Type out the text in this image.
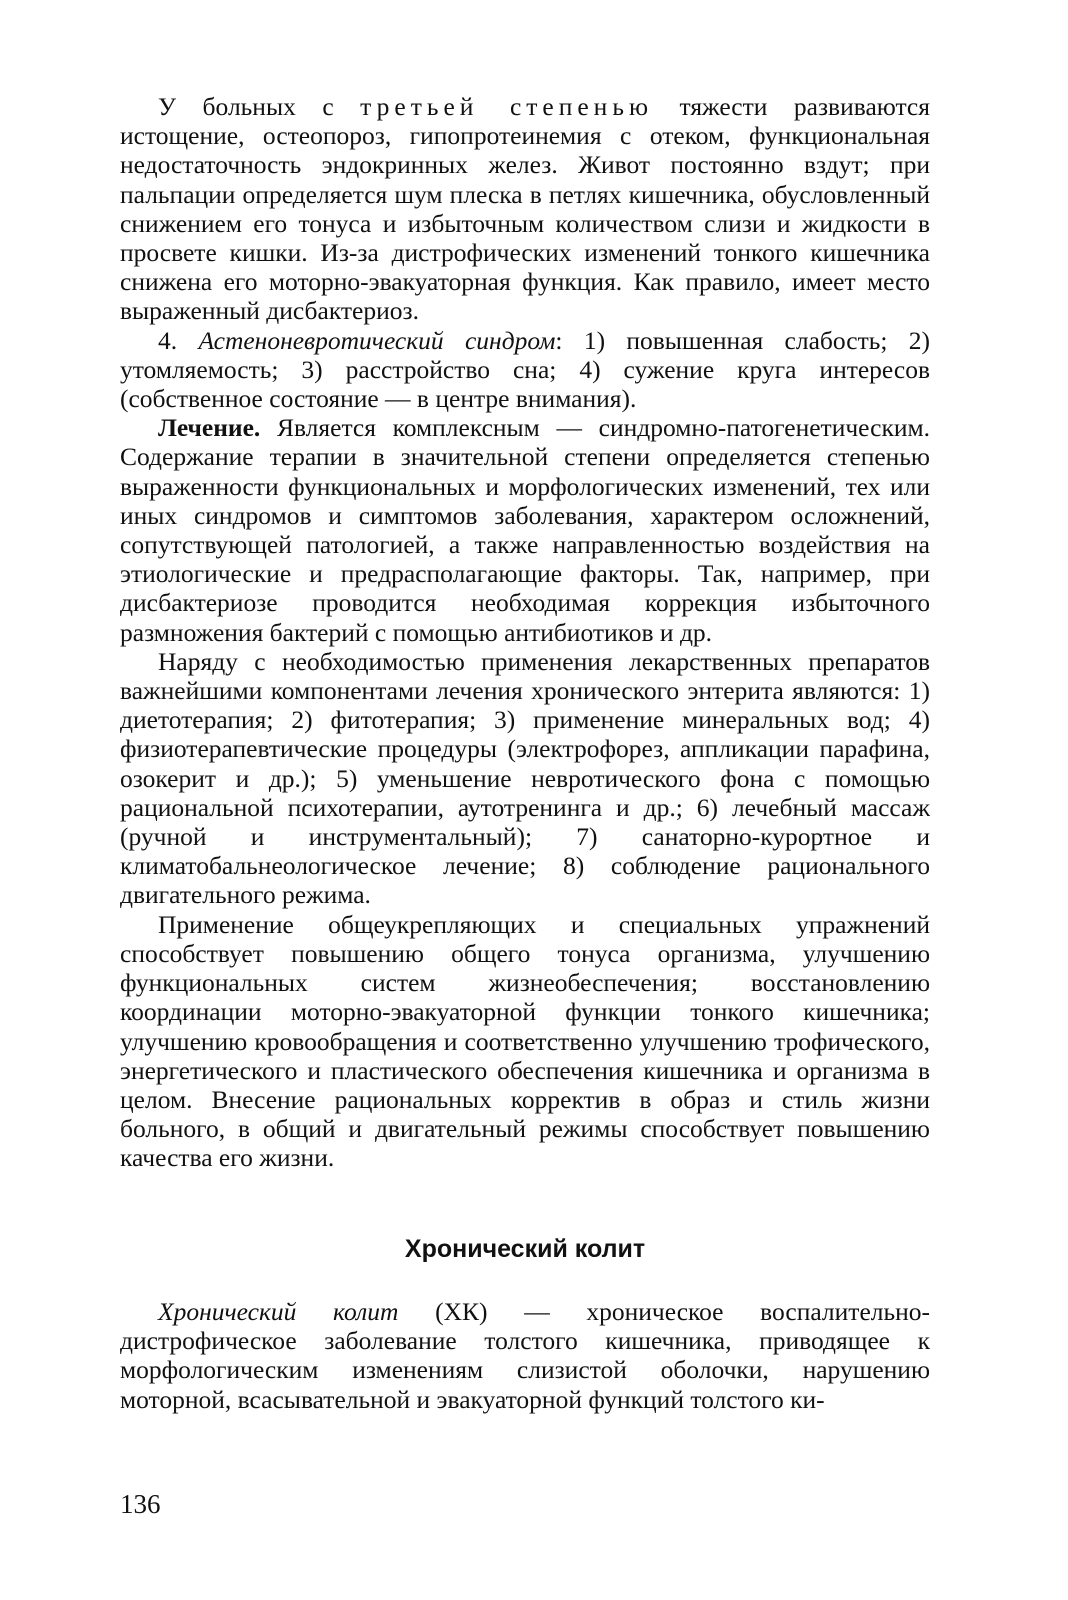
У больных с третьей степенью тяжести развиваются истощение, остеопороз, гипопротеинемия с отеком, функциональная недостаточность эндокринных желез. Живот постоянно вздут; при пальпации определяется шум плеска в петлях кишечника, обусловленный снижением его тонуса и избыточным количеством слизи и жидкости в просвете кишки. Из-за дистрофических изменений тонкого кишечника снижена его моторно-эвакуаторная функция. Как правило, имеет место выраженный дисбактериоз.

4. Астеноневротический синдром: 1) повышенная слабость; 2) утомляемость; 3) расстройство сна; 4) сужение круга интересов (собственное состояние — в центре внимания).

Лечение. Является комплексным — синдромно-патогенетическим. Содержание терапии в значительной степени определяется степенью выраженности функциональных и морфологических изменений, тех или иных синдромов и симптомов заболевания, характером осложнений, сопутствующей патологией, а также направленностью воздействия на этиологические и предрасполагающие факторы. Так, например, при дисбактериозе проводится необходимая коррекция избыточного размножения бактерий с помощью антибиотиков и др.

Наряду с необходимостью применения лекарственных препаратов важнейшими компонентами лечения хронического энтерита являются: 1) диетотерапия; 2) фитотерапия; 3) применение минеральных вод; 4) физиотерапевтические процедуры (электрофорез, аппликации парафина, озокерит и др.); 5) уменьшение невротического фона с помощью рациональной психотерапии, аутотренинга и др.; 6) лечебный массаж (ручной и инструментальный); 7) санаторно-курортное и климатобальнеологическое лечение; 8) соблюдение рационального двигательного режима.

Применение общеукрепляющих и специальных упражнений способствует повышению общего тонуса организма, улучшению функциональных систем жизнеобеспечения; восстановлению координации моторно-эвакуаторной функции тонкого кишечника; улучшению кровообращения и соответственно улучшению трофического, энергетического и пластического обеспечения кишечника и организма в целом. Внесение рациональных корректив в образ и стиль жизни больного, в общий и двигательный режимы способствует повышению качества его жизни.

Хронический колит

Хронический колит (ХК) — хроническое воспалительно-дистрофическое заболевание толстого кишечника, приводящее к морфологическим изменениям слизистой оболочки, нарушению моторной, всасывательной и эвакуаторной функций толстого ки-

136
